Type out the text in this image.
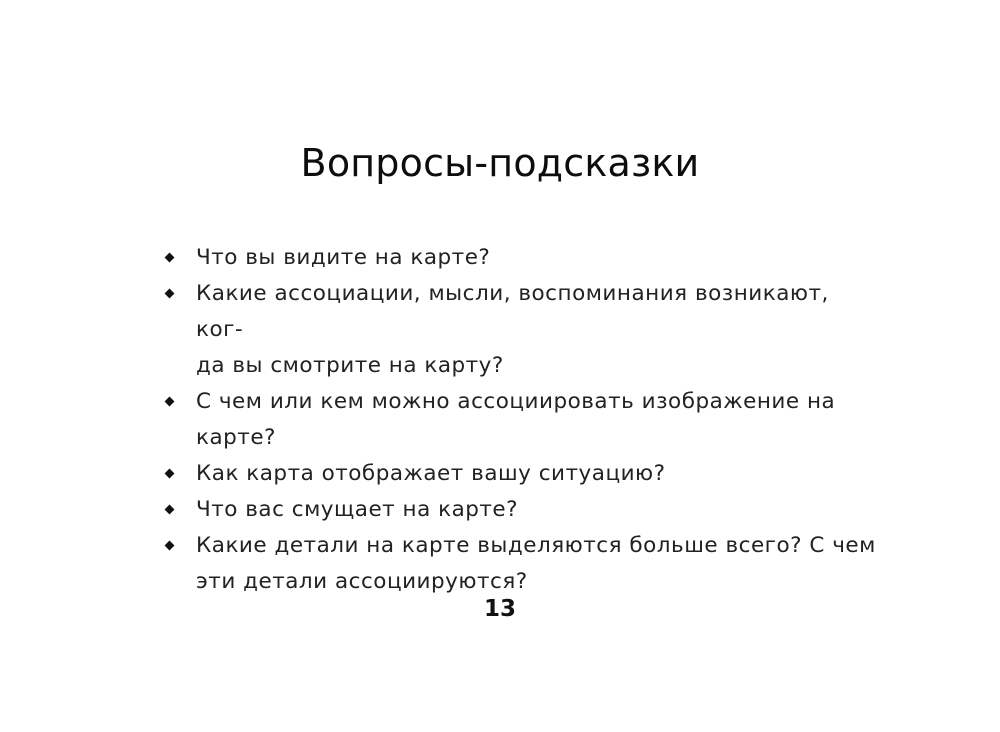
Вопросы-подсказки
Что вы видите на карте?
Какие ассоциации, мысли, воспоминания возникают, ког-
да вы смотрите на карту?
С чем или кем можно ассоциировать изображение на
карте?
Как карта отображает вашу ситуацию?
Что вас смущает на карте?
Какие детали на карте выделяются больше всего? С чем
эти детали ассоциируются?
13
